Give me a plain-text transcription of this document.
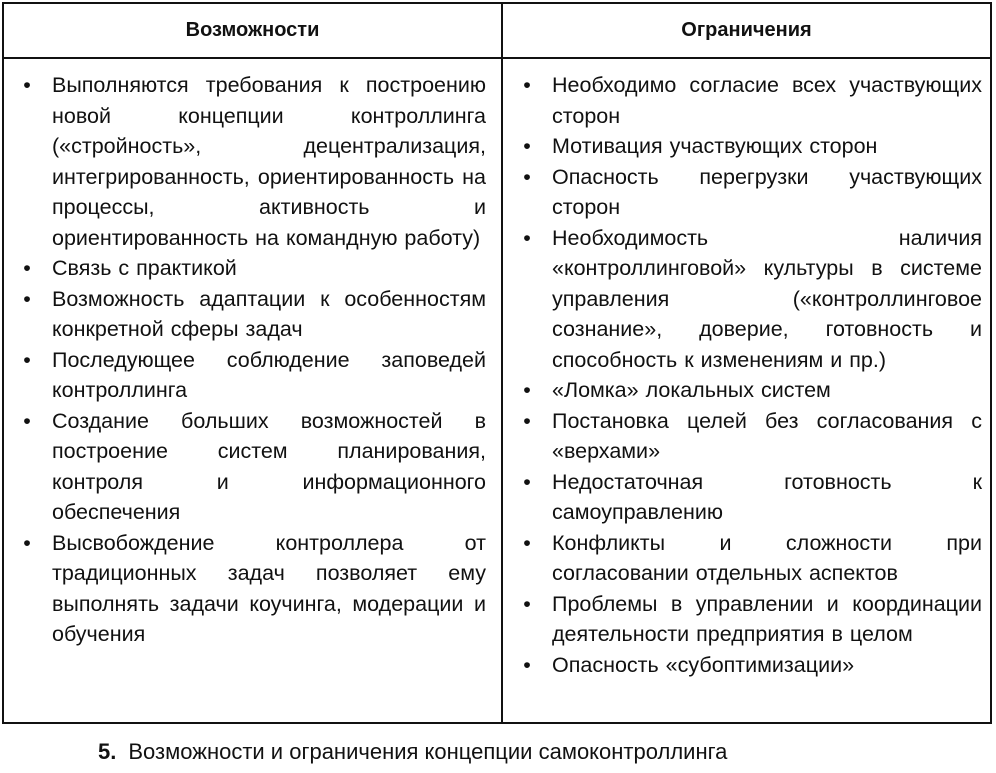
Возможности	Ограничения
• Выполняются требования к построению новой концепции контроллинга («стройность», децентрализация, интегрированность, ориентированность на процессы, активность и ориентированность на командную работу)
• Связь с практикой
• Возможность адаптации к особенностям конкретной сферы задач
• Последующее соблюдение заповедей контроллинга
• Создание больших возможностей в построение систем планирования, контроля и информационного обеспечения
• Высвобождение контроллера от традиционных задач позволяет ему выполнять задачи коучинга, модерации и обучения
• Необходимо согласие всех участвующих сторон
• Мотивация участвующих сторон
• Опасность перегрузки участвующих сторон
• Необходимость наличия «контроллинговой» культуры в системе управления («контроллинговое сознание», доверие, готовность и способность к изменениям и пр.)
• «Ломка» локальных систем
• Постановка целей без согласования с «верхами»
• Недостаточная готовность к самоуправлению
• Конфликты и сложности при согласовании отдельных аспектов
• Проблемы в управлении и координации деятельности предприятия в целом
• Опасность «субоптимизации»
5. Возможности и ограничения концепции самоконтроллинга
